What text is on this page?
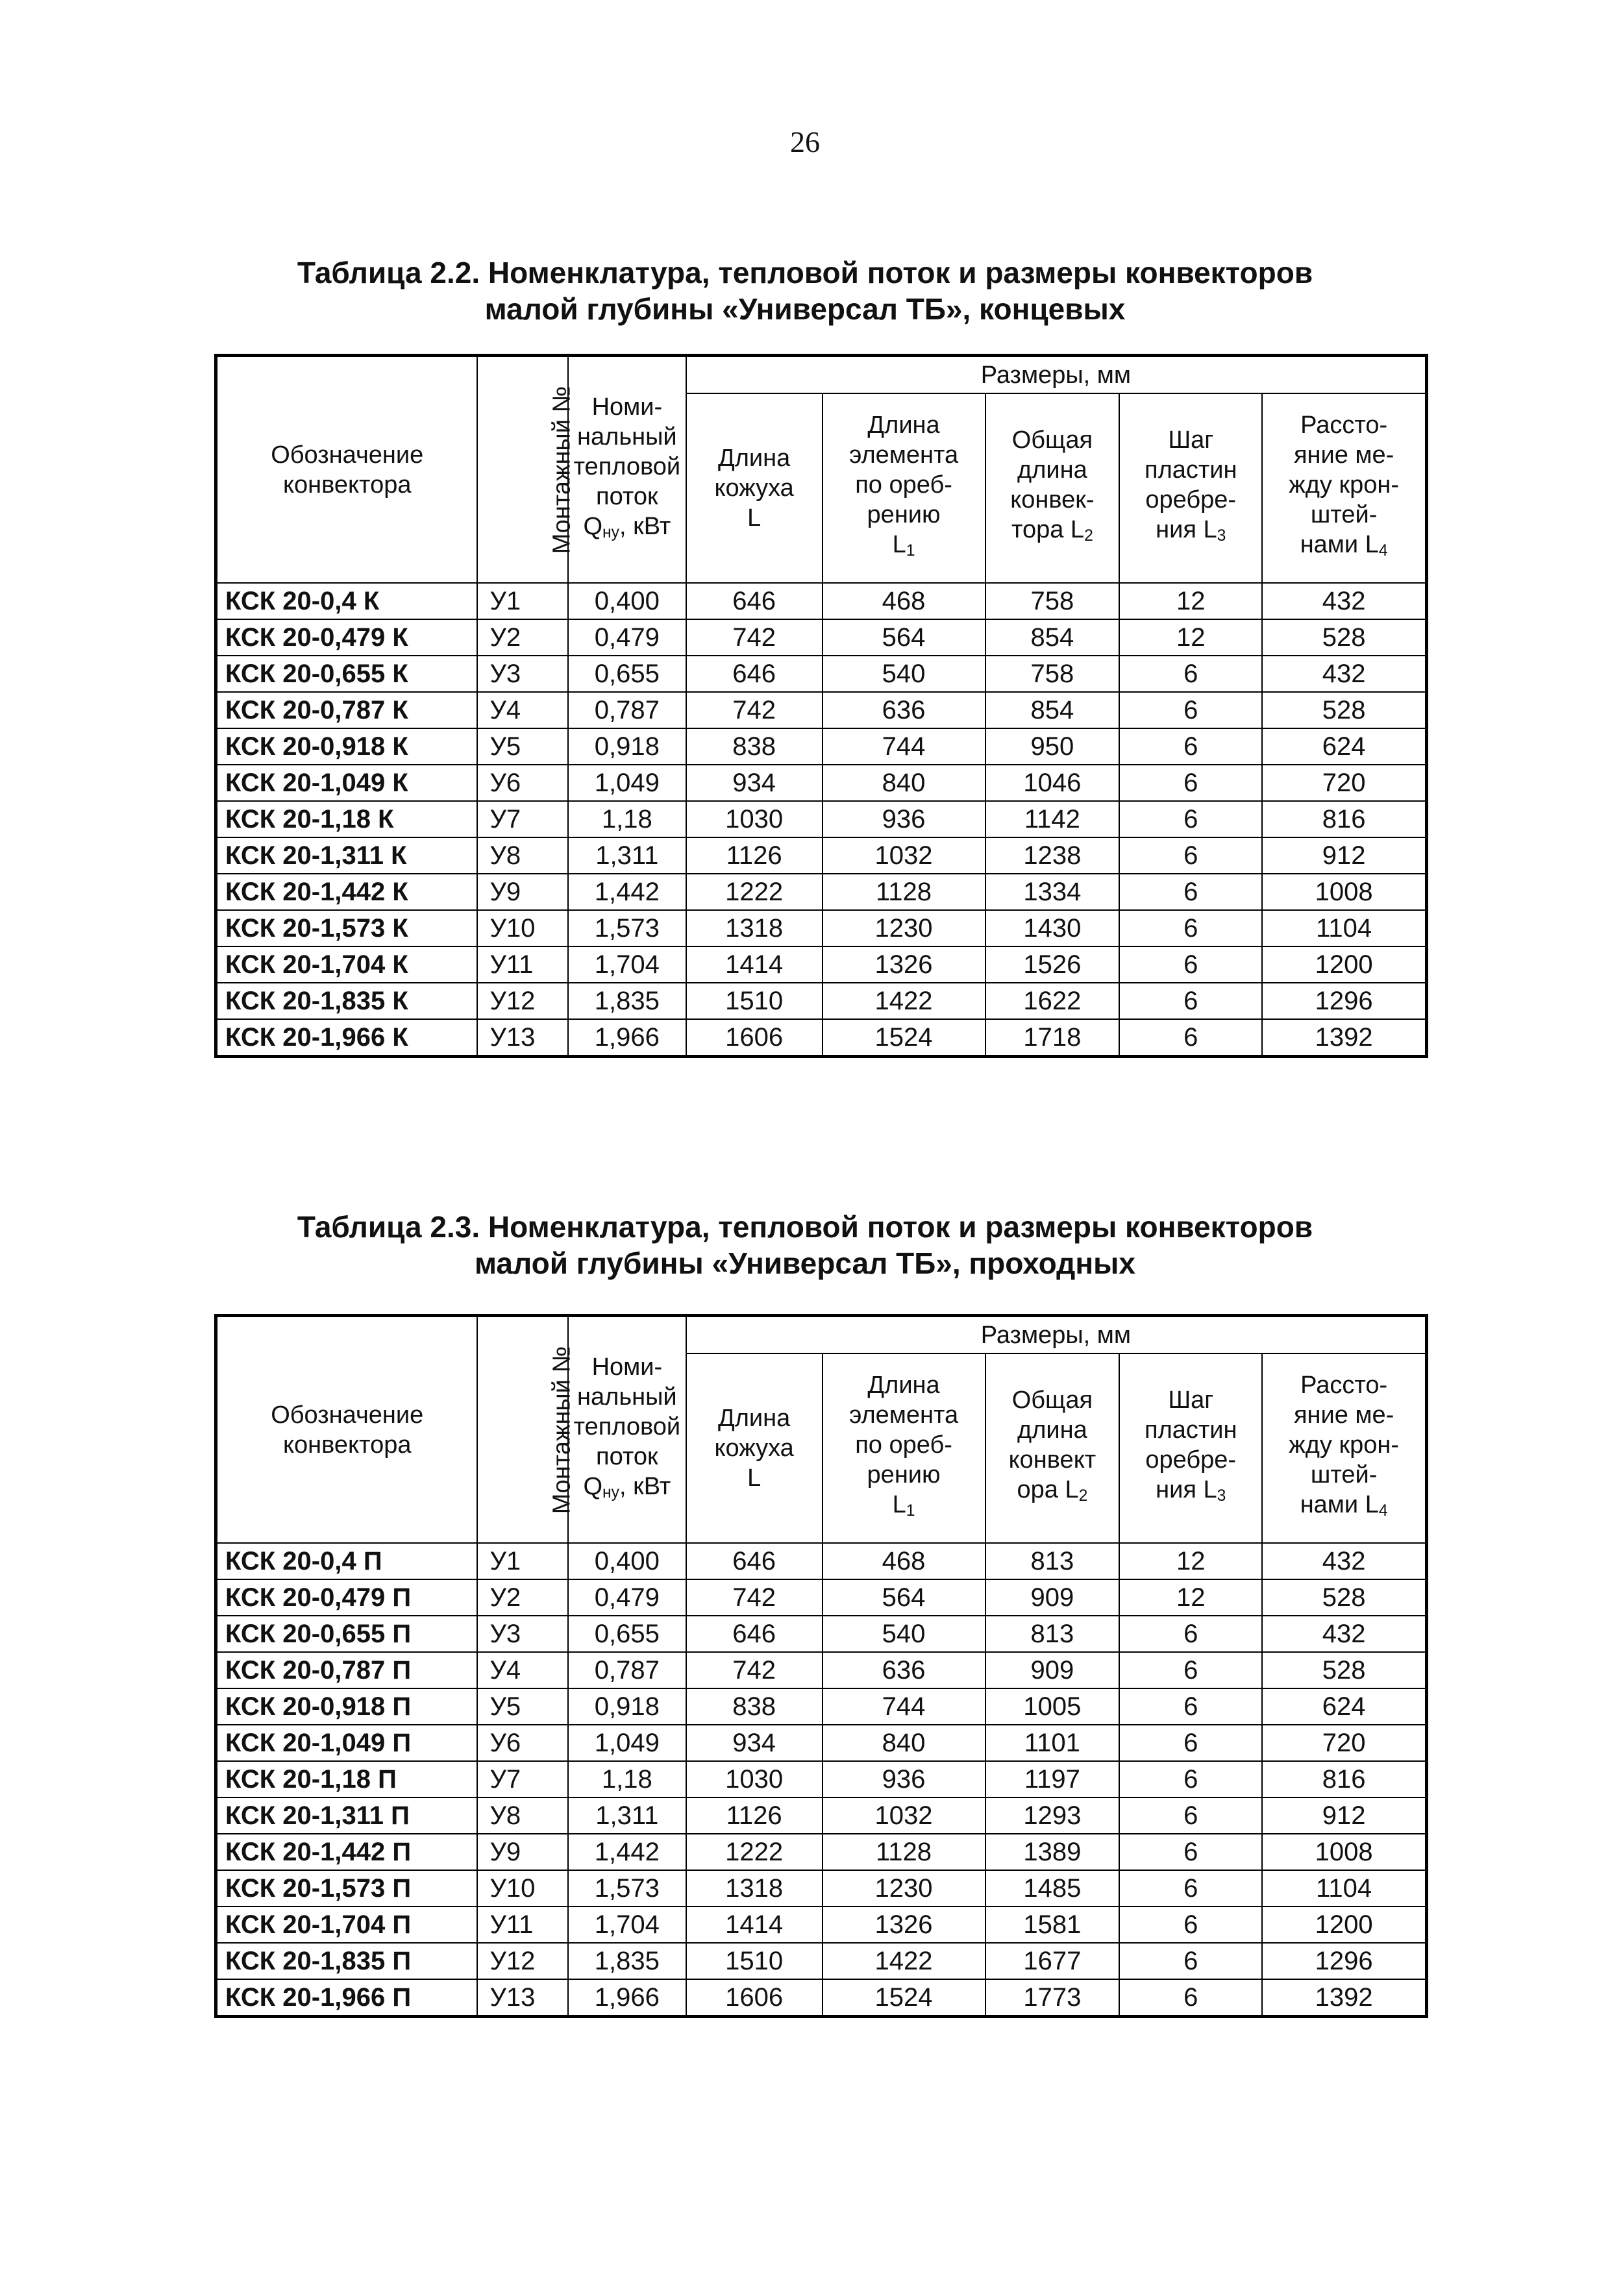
26
Таблица 2.2. Номенклатура, тепловой поток и размеры конвекторов
малой глубины «Универсал ТБ», концевых
Обозначение
конвектора	Монтажный №	Номи-
нальный
тепловой
поток
$Q_{ну}$, кВт	Размеры, мм				

			Длина
кожуха
L	Длина
элемента
по ореб-
рению
$L_1$	Общая
длина
конвек-
тора $L_2$	Шаг
пластин
оребре-
ния $L_3$	Рассто-
яние ме-
жду крон-
штей-
нами $L_4$

КСК 20-0,4 К	У1	0,400	646	468	758	12	432
КСК 20-0,479 К	У2	0,479	742	564	854	12	528
КСК 20-0,655 К	У3	0,655	646	540	758	6	432
КСК 20-0,787 К	У4	0,787	742	636	854	6	528
КСК 20-0,918 К	У5	0,918	838	744	950	6	624
КСК 20-1,049 К	У6	1,049	934	840	1046	6	720
КСК 20-1,18 К	У7	1,18	1030	936	1142	6	816
КСК 20-1,311 К	У8	1,311	1126	1032	1238	6	912
КСК 20-1,442 К	У9	1,442	1222	1128	1334	6	1008
КСК 20-1,573 К	У10	1,573	1318	1230	1430	6	1104
КСК 20-1,704 К	У11	1,704	1414	1326	1526	6	1200
КСК 20-1,835 К	У12	1,835	1510	1422	1622	6	1296
КСК 20-1,966 К	У13	1,966	1606	1524	1718	6	1392
Таблица 2.3. Номенклатура, тепловой поток и размеры конвекторов
малой глубины «Универсал ТБ», проходных
Обозначение
конвектора	Монтажный №	Номи-
нальный
тепловой
поток
$Q_{ну}$, кВт	Размеры, мм				

			Длина
кожуха
L	Длина
элемента
по ореб-
рению
$L_1$	Общая
длина
конвект
ора $L_2$	Шаг
пластин
оребре-
ния $L_3$	Рассто-
яние ме-
жду крон-
штей-
нами $L_4$

КСК 20-0,4 П	У1	0,400	646	468	813	12	432
КСК 20-0,479 П	У2	0,479	742	564	909	12	528
КСК 20-0,655 П	У3	0,655	646	540	813	6	432
КСК 20-0,787 П	У4	0,787	742	636	909	6	528
КСК 20-0,918 П	У5	0,918	838	744	1005	6	624
КСК 20-1,049 П	У6	1,049	934	840	1101	6	720
КСК 20-1,18 П	У7	1,18	1030	936	1197	6	816
КСК 20-1,311 П	У8	1,311	1126	1032	1293	6	912
КСК 20-1,442 П	У9	1,442	1222	1128	1389	6	1008
КСК 20-1,573 П	У10	1,573	1318	1230	1485	6	1104
КСК 20-1,704 П	У11	1,704	1414	1326	1581	6	1200
КСК 20-1,835 П	У12	1,835	1510	1422	1677	6	1296
КСК 20-1,966 П	У13	1,966	1606	1524	1773	6	1392
